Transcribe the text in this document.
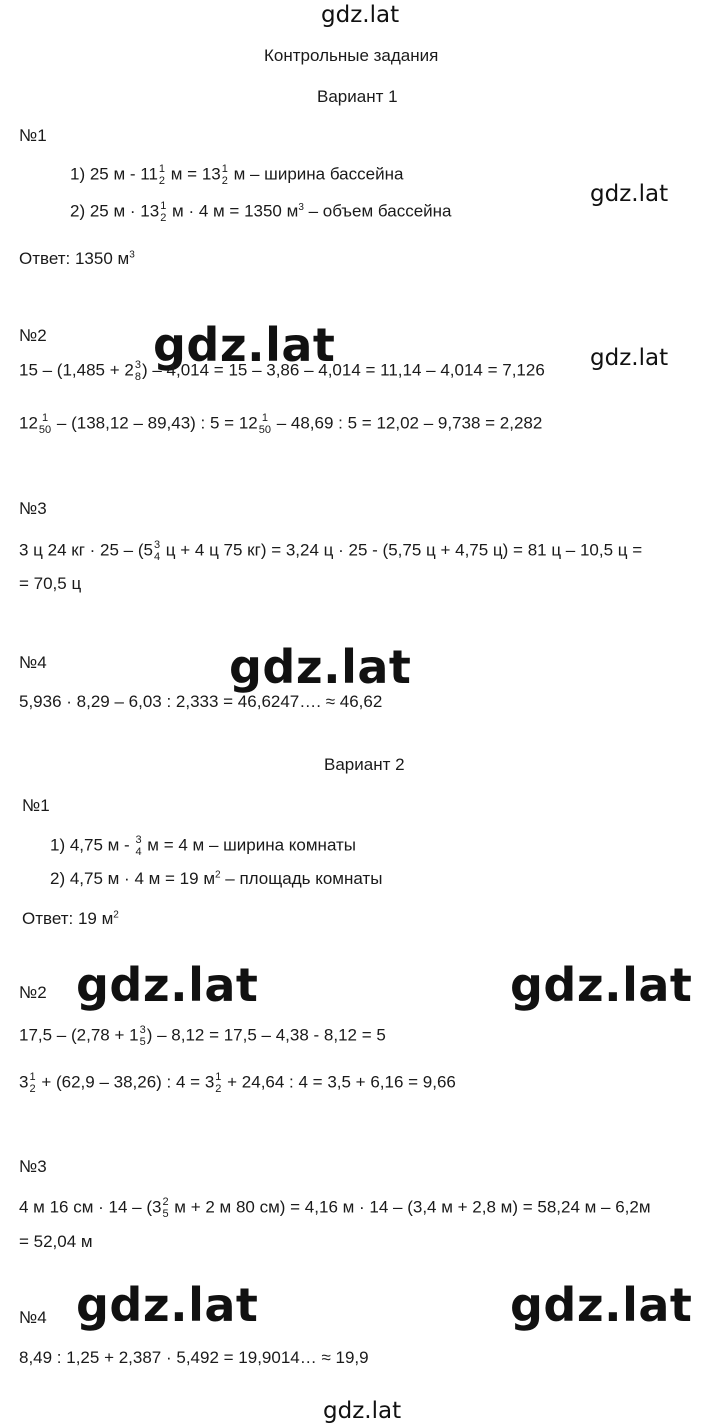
gdz.lat
gdz.lat
gdz.lat	gdz.lat
gdz.lat
gdz.lat	gdz.lat
gdz.lat	gdz.lat
gdz.lat
Контрольные задания
Вариант 1
№1
1) 25 м - 11 1
2 м = 13 1
2 м – ширина бассейна
2) 25 м · 13 1
2 м · 4 м = 1350 $м^3$ – объем бассейна
Ответ: 1350 $м^3$
№2
15 – (1,485 + 2 3
8 ) – 4,014 = 15 – 3,86 – 4,014 = 11,14 – 4,014 = 7,126
12 1
50 – (138,12 – 89,43) : 5 = 12 1
50 – 48,69 : 5 = 12,02 – 9,738 = 2,282
№3
3 ц 24 кг · 25 – (5 3
4 ц + 4 ц 75 кг) = 3,24 ц · 25 - (5,75 ц + 4,75 ц) = 81 ц – 10,5 ц =
= 70,5 ц
№4
5,936 · 8,29 – 6,03 : 2,333 = 46,6247…. ≈ 46,62
Вариант 2
№1
1) 4,75 м - 3
4 м = 4 м – ширина комнаты
2) 4,75 м · 4 м = 19 $м^2$ – площадь комнаты
Ответ: 19 $м^2$
№2
17,5 – (2,78 + 1 3
5 ) – 8,12 = 17,5 – 4,38 - 8,12 = 5
3 1
2 + (62,9 – 38,26) : 4 = 3 1
2 + 24,64 : 4 = 3,5 + 6,16 = 9,66
№3
4 м 16 см · 14 – (3 2
5 м + 2 м 80 см) = 4,16 м · 14 – (3,4 м + 2,8 м) = 58,24 м – 6,2м
= 52,04 м
№4
8,49 : 1,25 + 2,387 · 5,492 = 19,9014… ≈ 19,9
